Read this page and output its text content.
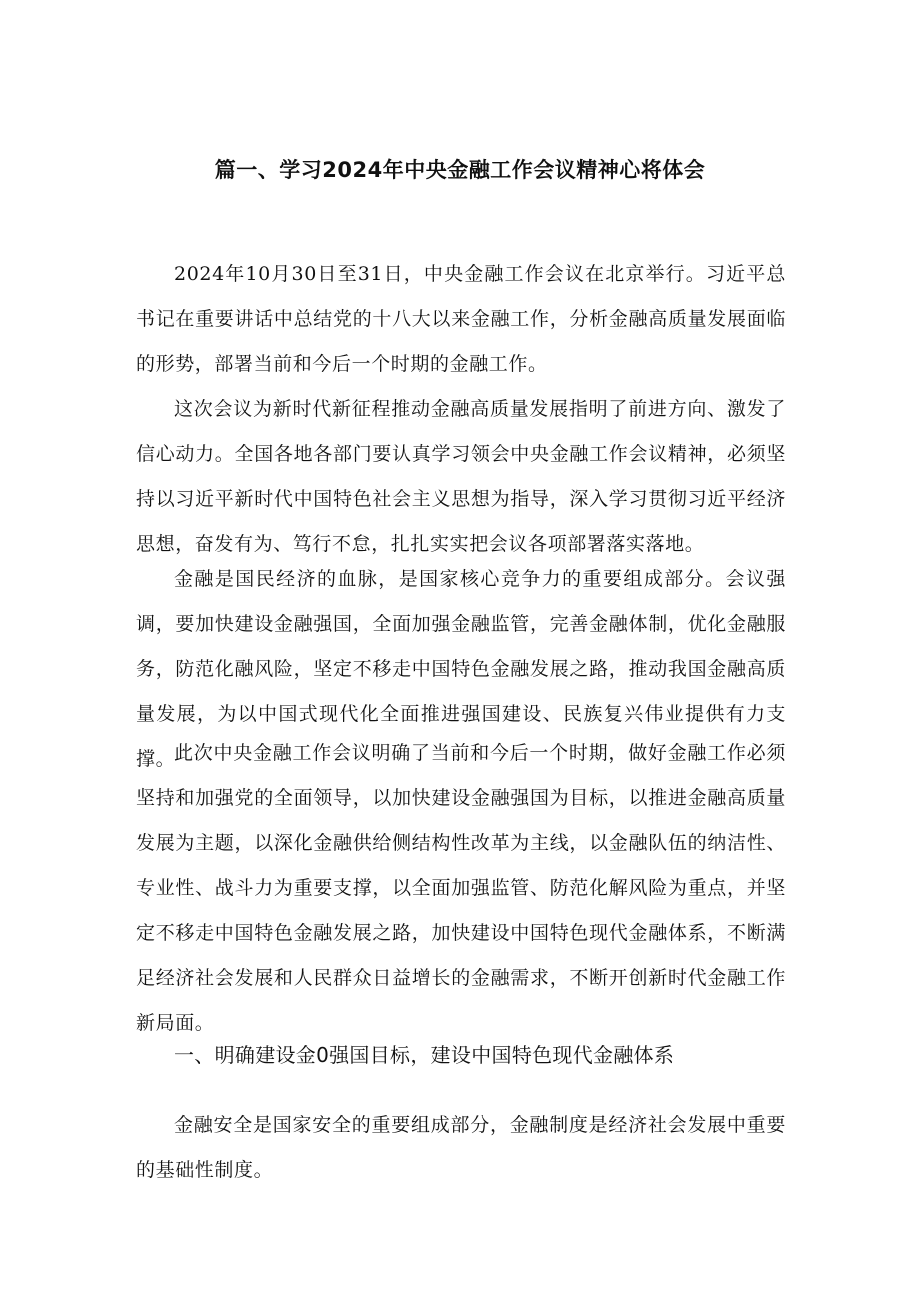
篇一、学习2024年中央金融工作会议精神心将体会

2024年10月30日至31日，中央金融工作会议在北京举行。习近平总书记在重要讲话中总结党的十八大以来金融工作，分析金融高质量发展面临的形势，部署当前和今后一个时期的金融工作。

这次会议为新时代新征程推动金融高质量发展指明了前进方向、激发了信心动力。全国各地各部门要认真学习领会中央金融工作会议精神，必须坚持以习近平新时代中国特色社会主义思想为指导，深入学习贯彻习近平经济思想，奋发有为、笃行不怠，扎扎实实把会议各项部署落实落地。

金融是国民经济的血脉，是国家核心竞争力的重要组成部分。会议强调，要加快建设金融强国，全面加强金融监管，完善金融体制，优化金融服务，防范化融风险，坚定不移走中国特色金融发展之路，推动我国金融高质量发展，为以中国式现代化全面推进强国建设、民族复兴伟业提供有力支撑。

此次中央金融工作会议明确了当前和今后一个时期，做好金融工作必须坚持和加强党的全面领导，以加快建设金融强国为目标，以推进金融高质量发展为主题，以深化金融供给侧结构性改革为主线，以金融队伍的纳洁性、专业性、战斗力为重要支撑，以全面加强监管、防范化解风险为重点，并坚定不移走中国特色金融发展之路，加快建设中国特色现代金融体系，不断满足经济社会发展和人民群众日益增长的金融需求，不断开创新时代金融工作新局面。

一、明确建设金0强国目标，建设中国特色现代金融体系

金融安全是国家安全的重要组成部分，金融制度是经济社会发展中重要的基础性制度。
